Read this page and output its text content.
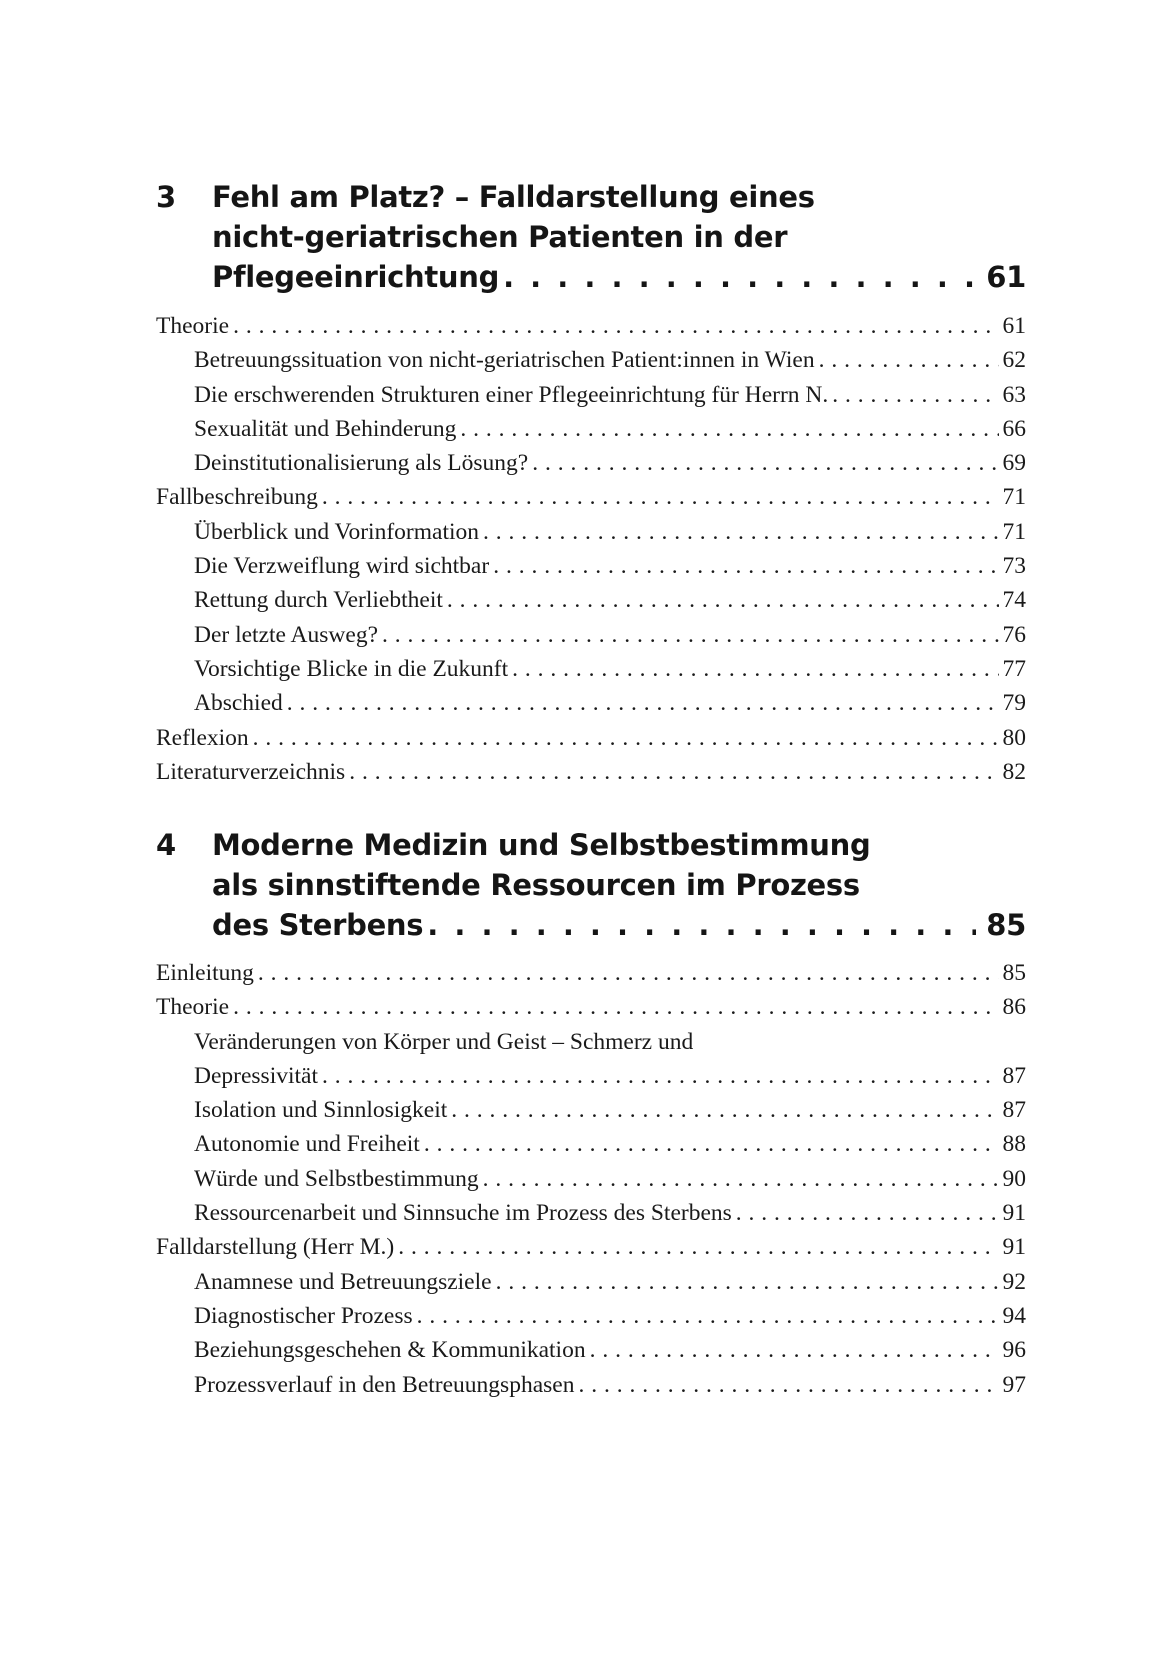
3 Fehl am Platz? – Falldarstellung eines
nicht-geriatrischen Patienten in der
Pflegeeinrichtung . . .	61
Theorie . . .	61
Betreuungssituation von nicht-geriatrischen Patient:innen in Wien . . .	62
Die erschwerenden Strukturen einer Pflegeeinrichtung für Herrn N. . . .	63
Sexualität und Behinderung . . .	66
Deinstitutionalisierung als Lösung? . . .	69
Fallbeschreibung . . .	71
Überblick und Vorinformation . . .	71
Die Verzweiflung wird sichtbar . . .	73
Rettung durch Verliebtheit . . .	74
Der letzte Ausweg? . . .	76
Vorsichtige Blicke in die Zukunft . . .	77
Abschied . . .	79
Reflexion . . .	80
Literaturverzeichnis . . .	82
4 Moderne Medizin und Selbstbestimmung
als sinnstiftende Ressourcen im Prozess
des Sterbens . . .	85
Einleitung . . .	85
Theorie . . .	86
Veränderungen von Körper und Geist – Schmerz und
Depressivität . . .	87
Isolation und Sinnlosigkeit . . .	87
Autonomie und Freiheit . . .	88
Würde und Selbstbestimmung . . .	90
Ressourcenarbeit und Sinnsuche im Prozess des Sterbens . . .	91
Falldarstellung (Herr M.) . . .	91
Anamnese und Betreuungsziele . . .	92
Diagnostischer Prozess . . .	94
Beziehungsgeschehen & Kommunikation . . .	96
Prozessverlauf in den Betreuungsphasen . . .	97
